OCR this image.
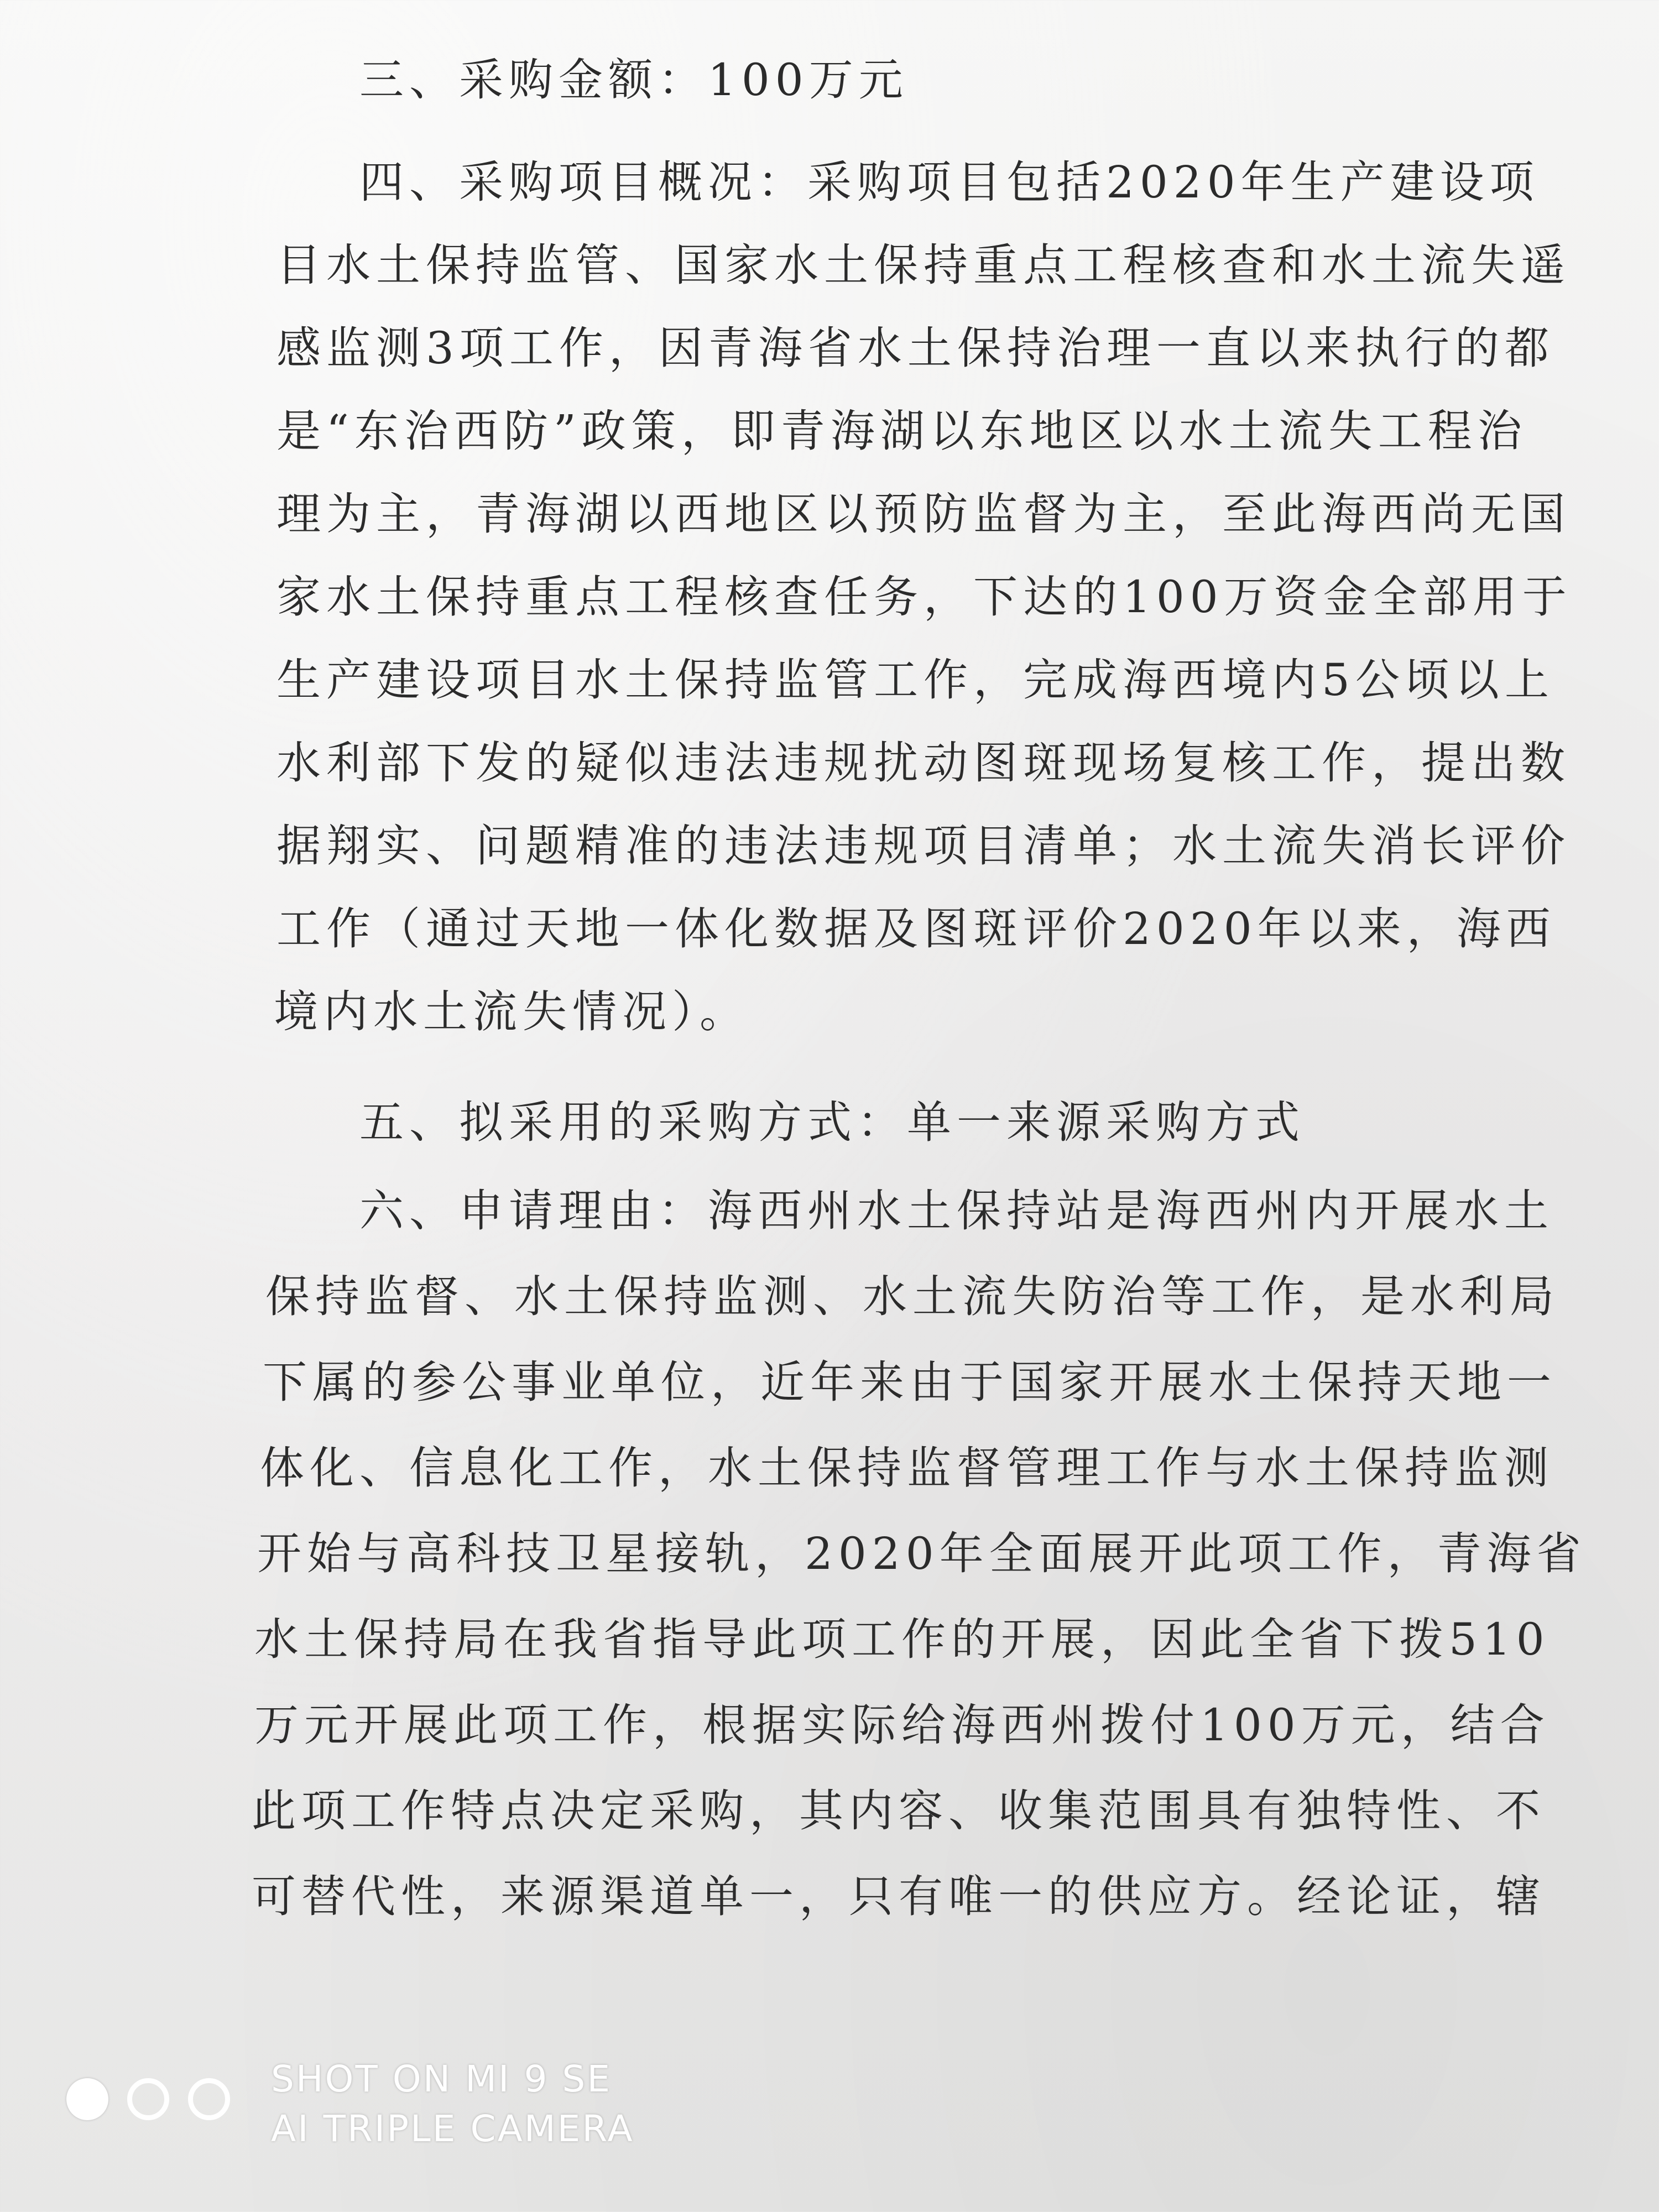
三、采购金额：100万元
四、采购项目概况：采购项目包括2020年生产建设项
目水土保持监管、国家水土保持重点工程核查和水土流失遥
感监测3项工作，因青海省水土保持治理一直以来执行的都
是“东治西防”政策，即青海湖以东地区以水土流失工程治
理为主，青海湖以西地区以预防监督为主，至此海西尚无国
家水土保持重点工程核查任务，下达的100万资金全部用于
生产建设项目水土保持监管工作，完成海西境内5公顷以上
水利部下发的疑似违法违规扰动图斑现场复核工作，提出数
据翔实、问题精准的违法违规项目清单；水土流失消长评价
工作（通过天地一体化数据及图斑评价2020年以来，海西
境内水土流失情况）。
五、拟采用的采购方式：单一来源采购方式
六、申请理由：海西州水土保持站是海西州内开展水土
保持监督、水土保持监测、水土流失防治等工作，是水利局
下属的参公事业单位，近年来由于国家开展水土保持天地一
体化、信息化工作，水土保持监督管理工作与水土保持监测
开始与高科技卫星接轨，2020年全面展开此项工作，青海省
水土保持局在我省指导此项工作的开展，因此全省下拨510
万元开展此项工作，根据实际给海西州拨付100万元，结合
此项工作特点决定采购，其内容、收集范围具有独特性、不
可替代性，来源渠道单一，只有唯一的供应方。经论证，辖
SHOT ON MI 9 SE
AI TRIPLE CAMERA
